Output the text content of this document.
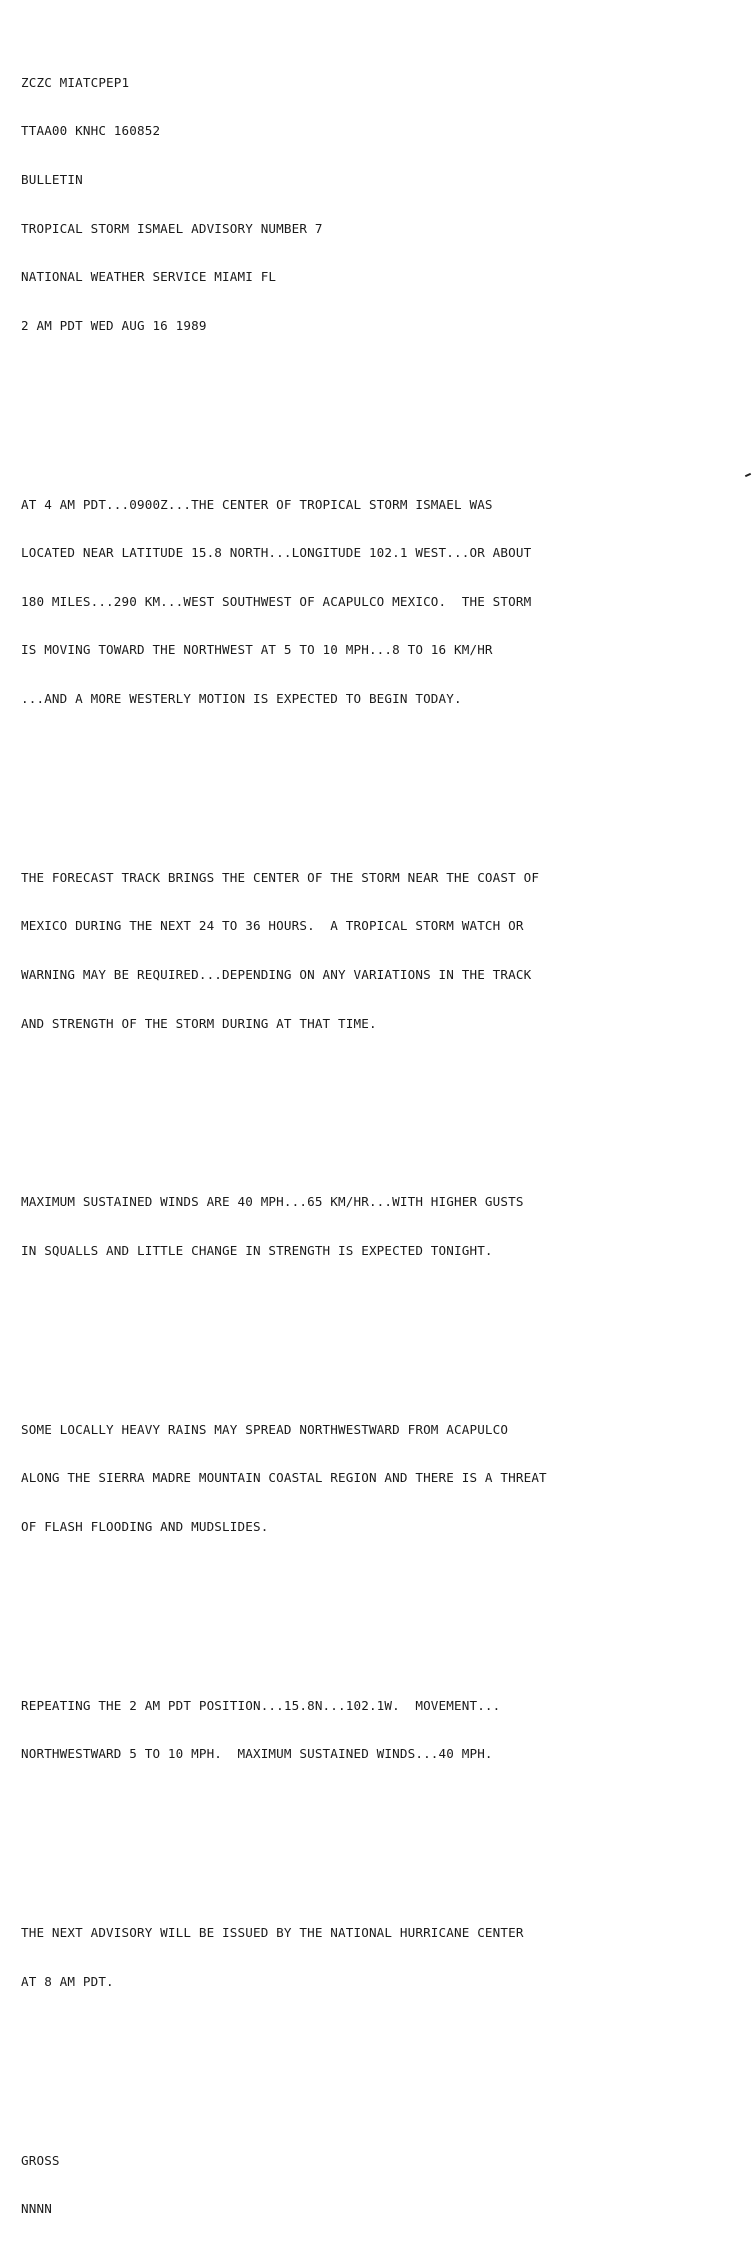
ZCZC MIATCPEP1

TTAA00 KNHC 160852

BULLETIN

TROPICAL STORM ISMAEL ADVISORY NUMBER 7

NATIONAL WEATHER SERVICE MIAMI FL

2 AM PDT WED AUG 16 1989

AT 4 AM PDT...0900Z...THE CENTER OF TROPICAL STORM ISMAEL WAS

LOCATED NEAR LATITUDE 15.8 NORTH...LONGITUDE 102.1 WEST...OR ABOUT

180 MILES...290 KM...WEST SOUTHWEST OF ACAPULCO MEXICO.  THE STORM

IS MOVING TOWARD THE NORTHWEST AT 5 TO 10 MPH...8 TO 16 KM/HR

...AND A MORE WESTERLY MOTION IS EXPECTED TO BEGIN TODAY.

THE FORECAST TRACK BRINGS THE CENTER OF THE STORM NEAR THE COAST OF

MEXICO DURING THE NEXT 24 TO 36 HOURS.  A TROPICAL STORM WATCH OR

WARNING MAY BE REQUIRED...DEPENDING ON ANY VARIATIONS IN THE TRACK

AND STRENGTH OF THE STORM DURING AT THAT TIME.

MAXIMUM SUSTAINED WINDS ARE 40 MPH...65 KM/HR...WITH HIGHER GUSTS

IN SQUALLS AND LITTLE CHANGE IN STRENGTH IS EXPECTED TONIGHT.

SOME LOCALLY HEAVY RAINS MAY SPREAD NORTHWESTWARD FROM ACAPULCO

ALONG THE SIERRA MADRE MOUNTAIN COASTAL REGION AND THERE IS A THREAT

OF FLASH FLOODING AND MUDSLIDES.

REPEATING THE 2 AM PDT POSITION...15.8N...102.1W.  MOVEMENT...

NORTHWESTWARD 5 TO 10 MPH.  MAXIMUM SUSTAINED WINDS...40 MPH.

THE NEXT ADVISORY WILL BE ISSUED BY THE NATIONAL HURRICANE CENTER

AT 8 AM PDT.

GROSS

NNNN
